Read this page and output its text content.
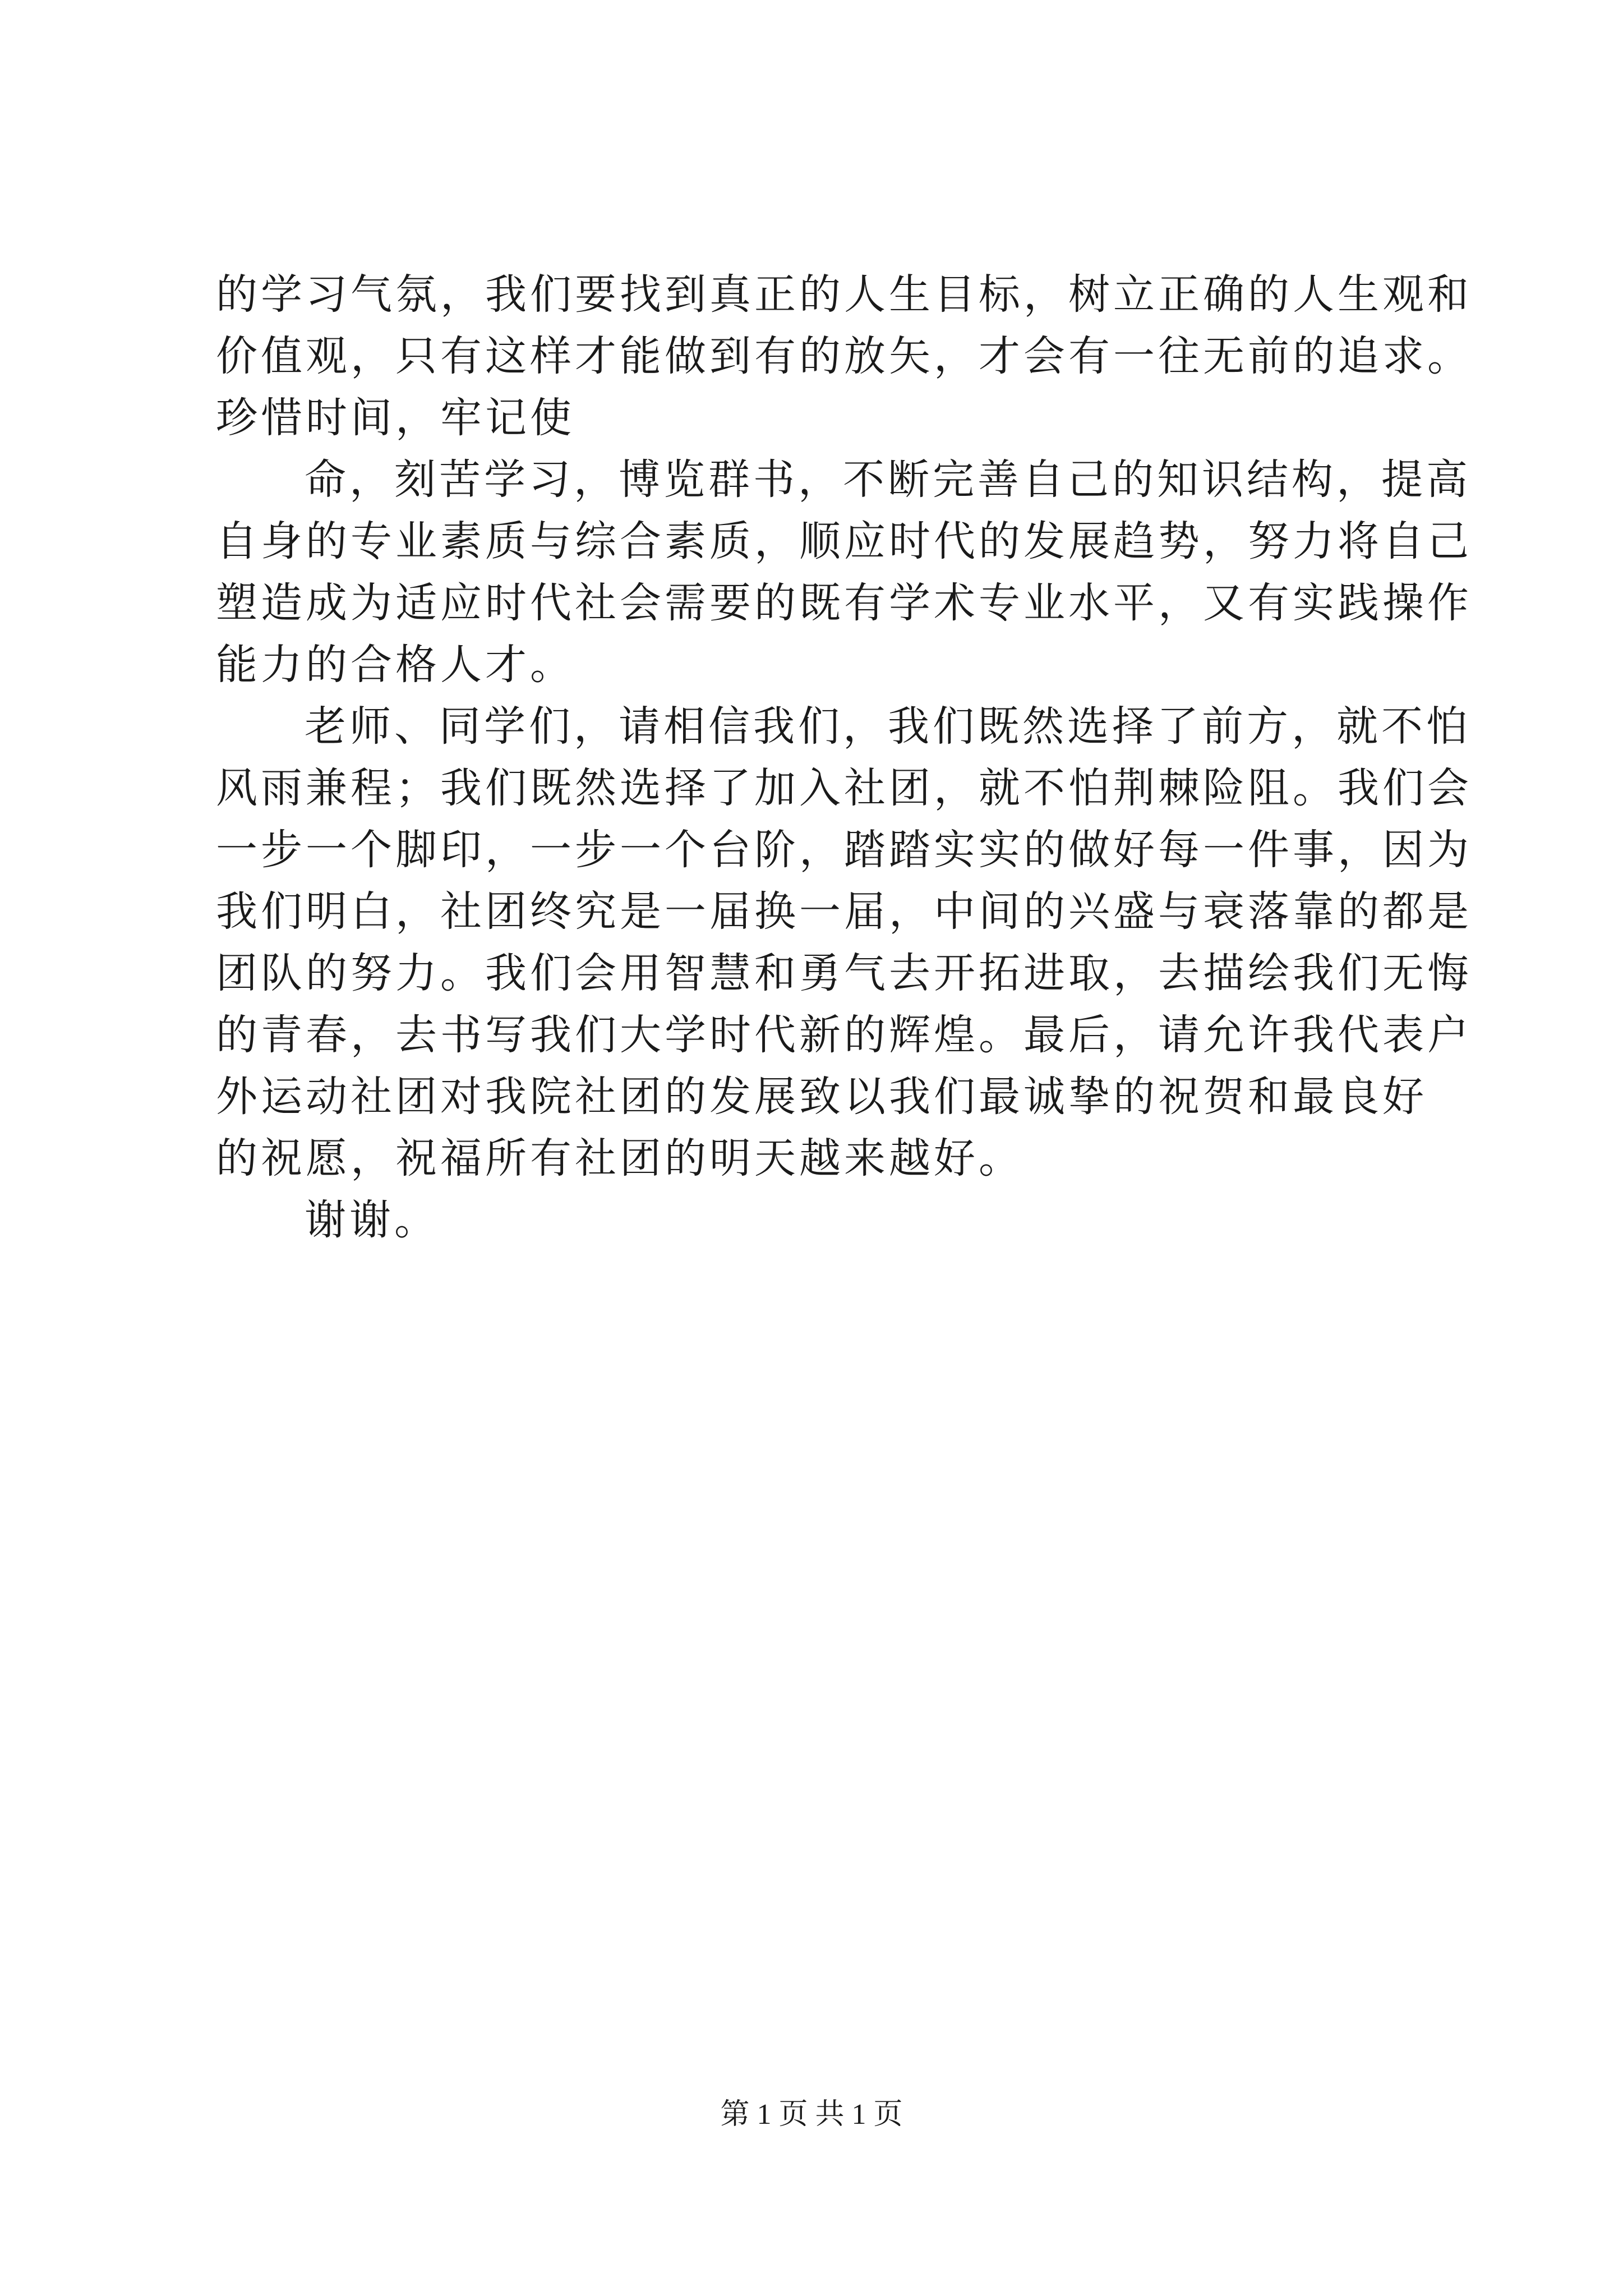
的学习气氛，我们要找到真正的人生目标，树立正确的人生观和
价值观，只有这样才能做到有的放矢，才会有一往无前的追求。
珍惜时间，牢记使
命，刻苦学习，博览群书，不断完善自己的知识结构，提高
自身的专业素质与综合素质，顺应时代的发展趋势，努力将自己
塑造成为适应时代社会需要的既有学术专业水平，又有实践操作
能力的合格人才。
老师、同学们，请相信我们，我们既然选择了前方，就不怕
风雨兼程；我们既然选择了加入社团，就不怕荆棘险阻。我们会
一步一个脚印，一步一个台阶，踏踏实实的做好每一件事，因为
我们明白，社团终究是一届换一届，中间的兴盛与衰落靠的都是
团队的努力。我们会用智慧和勇气去开拓进取，去描绘我们无悔
的青春，去书写我们大学时代新的辉煌。最后，请允许我代表户
外运动社团对我院社团的发展致以我们最诚挚的祝贺和最良好
的祝愿，祝福所有社团的明天越来越好。
谢谢。
第 1 页 共 1 页
